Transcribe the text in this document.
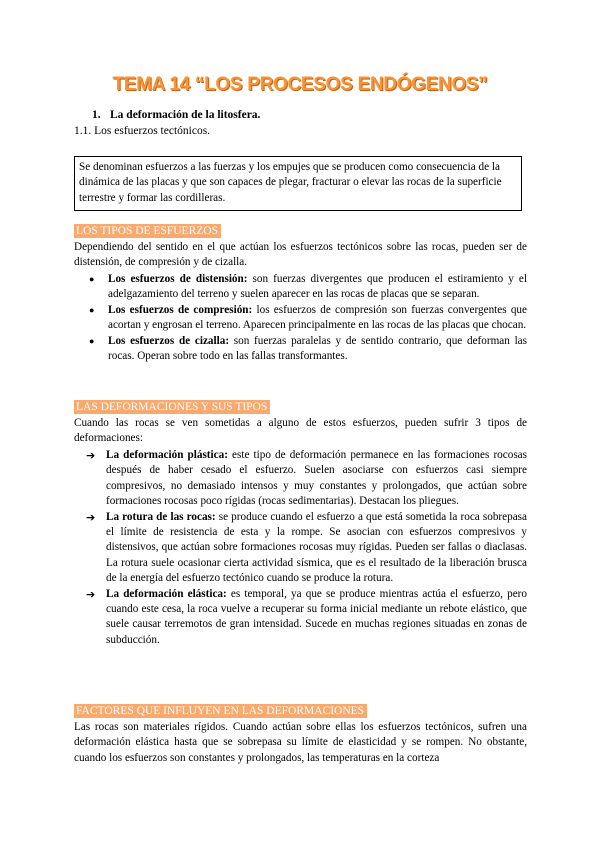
TEMA 14 “LOS PROCESOS ENDÓGENOS”
1. La deformación de la litosfera.
1.1. Los esfuerzos tectónicos.
Se denominan esfuerzos a las fuerzas y los empujes que se producen como consecuencia de la dinámica de las placas y que son capaces de plegar, fracturar o elevar las rocas de la superficie terrestre y formar las cordilleras.
LOS TIPOS DE ESFUERZOS
Dependiendo del sentido en el que actúan los esfuerzos tectónicos sobre las rocas, pueden ser de distensión, de compresión y de cizalla.
● Los esfuerzos de distensión: son fuerzas divergentes que producen el estiramiento y el adelgazamiento del terreno y suelen aparecer en las rocas de placas que se separan.
● Los esfuerzos de compresión: los esfuerzos de compresión son fuerzas convergentes que acortan y engrosan el terreno. Aparecen principalmente en las rocas de las placas que chocan.
● Los esfuerzos de cizalla: son fuerzas paralelas y de sentido contrario, que deforman las rocas. Operan sobre todo en las fallas transformantes.
LAS DEFORMACIONES Y SUS TIPOS
Cuando las rocas se ven sometidas a alguno de estos esfuerzos, pueden sufrir 3 tipos de deformaciones:
➔ La deformación plástica: este tipo de deformación permanece en las formaciones rocosas después de haber cesado el esfuerzo. Suelen asociarse con esfuerzos casi siempre compresivos, no demasiado intensos y muy constantes y prolongados, que actúan sobre formaciones rocosas poco rígidas (rocas sedimentarias). Destacan los pliegues.
➔ La rotura de las rocas: se produce cuando el esfuerzo a que está sometida la roca sobrepasa el límite de resistencia de esta y la rompe. Se asocian con esfuerzos compresivos y distensivos, que actúan sobre formaciones rocosas muy rígidas. Pueden ser fallas o diaclasas. La rotura suele ocasionar cierta actividad sísmica, que es el resultado de la liberación brusca de la energía del esfuerzo tectónico cuando se produce la rotura.
➔ La deformación elástica: es temporal, ya que se produce mientras actúa el esfuerzo, pero cuando este cesa, la roca vuelve a recuperar su forma inicial mediante un rebote elástico, que suele causar terremotos de gran intensidad. Sucede en muchas regiones situadas en zonas de subducción.
FACTORES QUE INFLUYEN EN LAS DEFORMACIONES
Las rocas son materiales rígidos. Cuando actúan sobre ellas los esfuerzos tectónicos, sufren una deformación elástica hasta que se sobrepasa su límite de elasticidad y se rompen. No obstante, cuando los esfuerzos son constantes y prolongados, las temperaturas en la corteza
